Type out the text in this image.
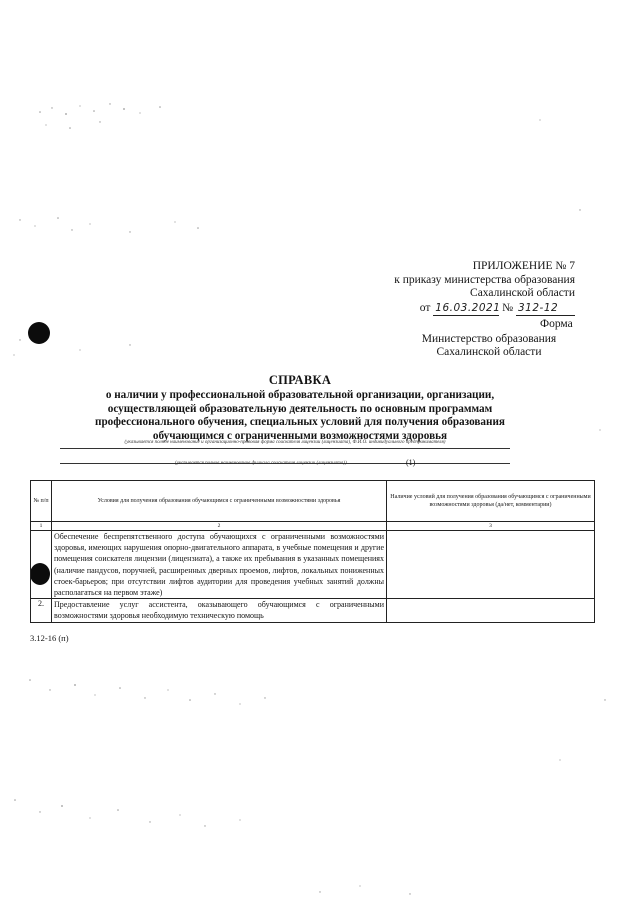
ПРИЛОЖЕНИЕ № 7
к приказу министерства образования
Сахалинской области
от 16.03.2021 № 312-12
Форма
Министерство образования
Сахалинской области
СПРАВКА
о наличии у профессиональной образовательной организации, организации,
осуществляющей образовательную деятельность по основным программам
профессионального обучения, специальных условий для получения образования
обучающимся с ограниченными возможностями здоровья
(указывается полное наименование и организационно-правовая форма соискателя лицензии (лицензиата), Ф.И.О. индивидуального предпринимателя)
(указывается полное наименование филиала соискателя лицензии (лицензиата))	(1)
№ п/п	Условия для получения образования обучающимся с ограниченными возможностями здоровья	Наличие условий для получения образования обучающимся с ограниченными возможностями здоровья (да/нет, комментарии)
1	2	3
	Обеспечение беспрепятственного доступа обучающихся с ограниченными возможностями здоровья, имеющих нарушения опорно-двигательного аппарата, в учебные помещения и другие помещения соискателя лицензии (лицензиата), а также их пребывания в указанных помещениях (наличие пандусов, поручней, расширенных дверных проемов, лифтов, локальных пониженных стоек-барьеров; при отсутствии лифтов аудитории для проведения учебных занятий должны располагаться на первом этаже)	
2.	Предоставление услуг ассистента, оказывающего обучающимся с ограниченными возможностями здоровья необходимую техническую помощь	
3.12-16 (п)
